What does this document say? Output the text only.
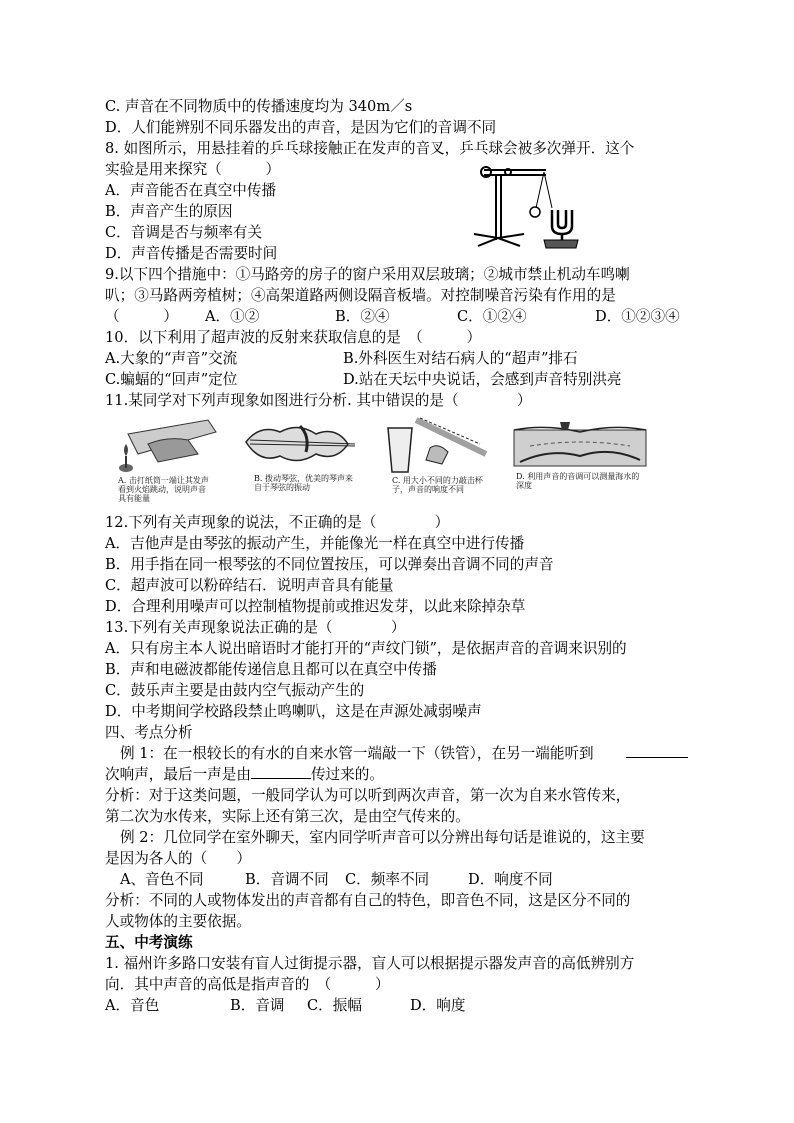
C. 声音在不同物质中的传播速度均为 340m／s
D．人们能辨别不同乐器发出的声音，是因为它们的音调不同
8. 如图所示，用悬挂着的乒乓球接触正在发声的音叉，乒乓球会被多次弹开．这个
实验是用来探究（　　　）
A．声音能否在真空中传播
B．声音产生的原因
C．音调是否与频率有关
D．声音传播是否需要时间
9.以下四个措施中：①马路旁的房子的窗户采用双层玻璃；②城市禁止机动车鸣喇
叭；③马路两旁植树；④高架道路两侧设隔音板墙。对控制噪音污染有作用的是
（　　　） A．①②	B．②④	C．①②④	D．①②③④
10．以下利用了超声波的反射来获取信息的是　（　　　）
A.大象的“声音”交流	B.外科医生对结石病人的“超声”排石
C.蝙蝠的“回声”定位	D.站在天坛中央说话，会感到声音特别洪亮
11.某同学对下列声现象如图进行分析. 其中错误的是（　　　　）
A. 击打纸筒一端让其发声看到火焰跳动，说明声音具有能量
B. 拨动琴弦，优美的琴声来自于琴弦的振动
C. 用大小不同的力敲击杯子，声音的响度不同
D. 利用声音的音调可以测量海水的深度
12.下列有关声现象的说法，不正确的是（　　　　）
A．吉他声是由琴弦的振动产生，并能像光一样在真空中进行传播
B．用手指在同一根琴弦的不同位置按压，可以弹奏出音调不同的声音
C．超声波可以粉碎结石．说明声音具有能量
D．合理利用噪声可以控制植物提前或推迟发芽，以此来除掉杂草
13.下列有关声现象说法正确的是（　　　　）
A．只有房主本人说出暗语时才能打开的“声纹门锁”，是依据声音的音调来识别的
B．声和电磁波都能传递信息且都可以在真空中传播
C．鼓乐声主要是由鼓内空气振动产生的
D．中考期间学校路段禁止鸣喇叭，这是在声源处减弱噪声
四、考点分析
例 1：在一根较长的有水的自来水管一端敲一下（铁管），在另一端能听到
次响声，最后一声是由	传过来的。
分析：对于这类问题，一般同学认为可以听到两次声音，第一次为自来水管传来，
第二次为水传来，实际上还有第三次，是由空气传来的。
例 2：几位同学在室外聊天，室内同学听声音可以分辨出每句话是谁说的，这主要
是因为各人的（　　）
A、音色不同	B．音调不同 C．频率不同	D．响度不同
分析：不同的人或物体发出的声音都有自己的特色，即音色不同，这是区分不同的
人或物体的主要依据。
五、中考演练
1. 福州许多路口安装有盲人过街提示器，盲人可以根据提示器发声音的高低辨别方
向．其中声音的高低是指声音的　（　　　）
A．音色	B．音调 C．振幅	D．响度
